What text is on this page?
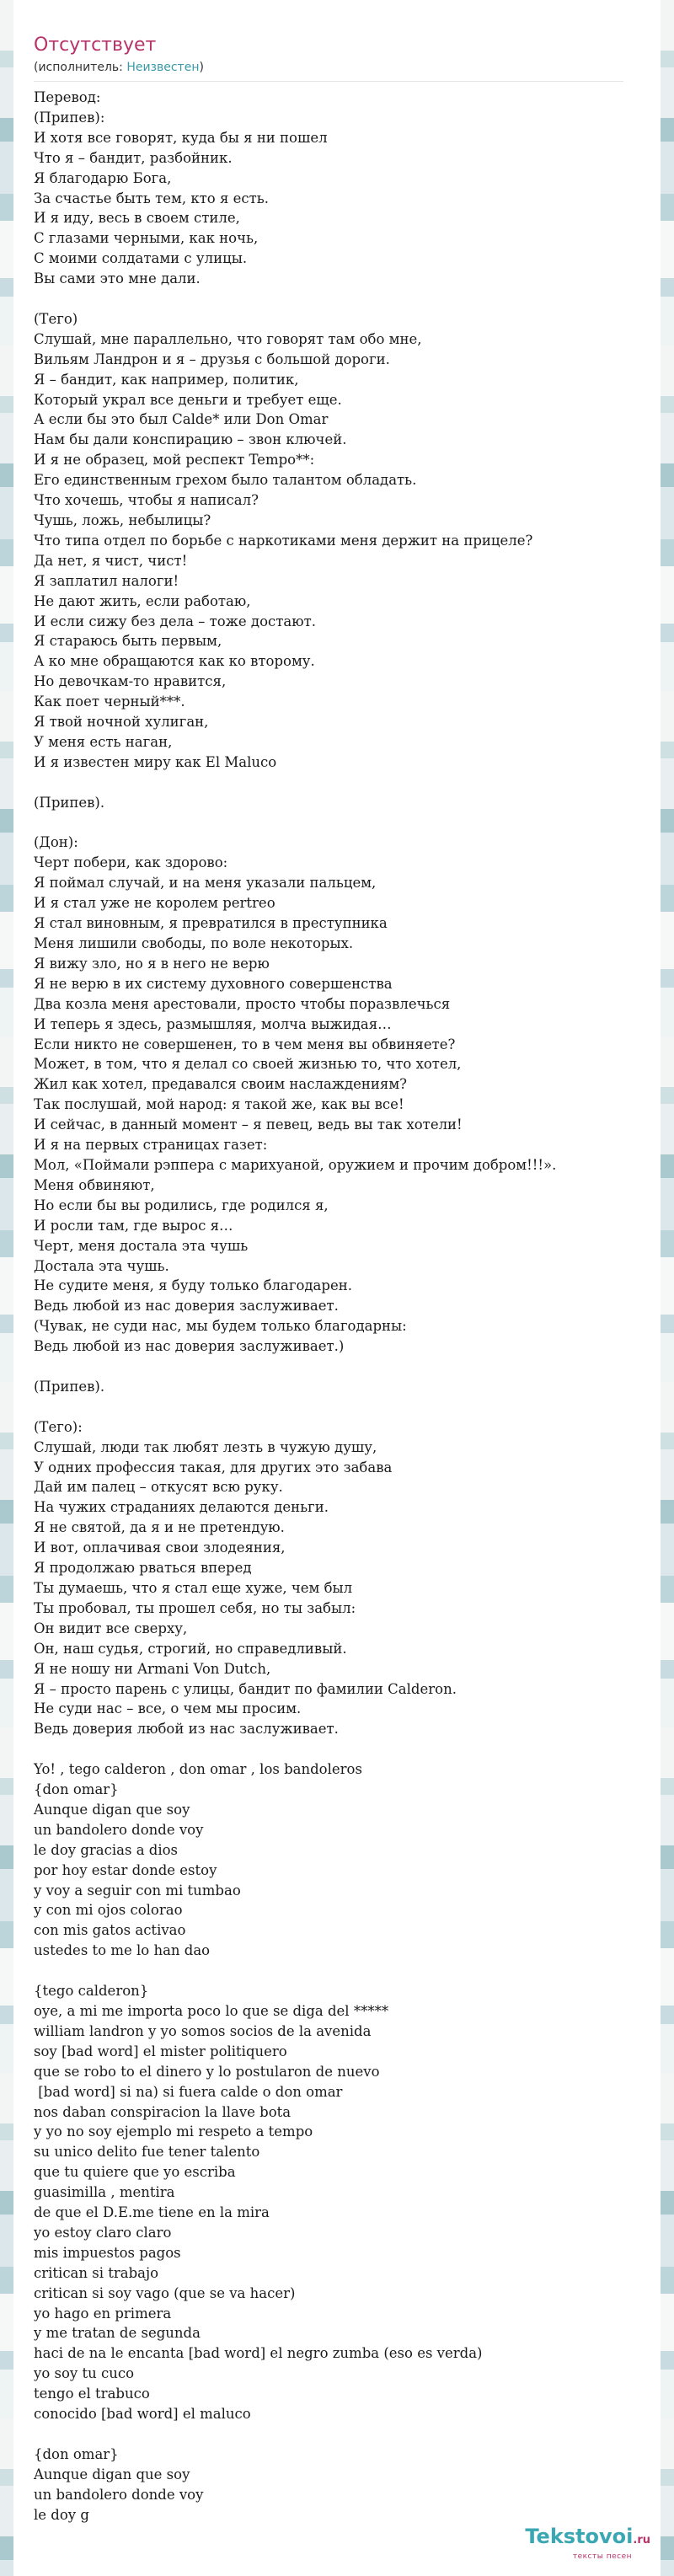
Отсутствует
(исполнитель: Неизвестен)
Перевод:
(Припев):
И хотя все говорят, куда бы я ни пошел
Что я – бандит, разбойник.
Я благодарю Бога,
За счастье быть тем, кто я есть.
И я иду, весь в своем стиле,
С глазами черными, как ночь,
С моими солдатами с улицы.
Вы сами это мне дали.
(Тего)
Слушай, мне параллельно, что говорят там обо мне,
Вильям Ландрон и я – друзья с большой дороги.
Я – бандит, как например, политик,
Который украл все деньги и требует еще.
А если бы это был Calde* или Don Omar
Нам бы дали конспирацию – звон ключей.
И я не образец, мой респект Tempo**:
Его единственным грехом было талантом обладать.
Что хочешь, чтобы я написал?
Чушь, ложь, небылицы?
Что типа отдел по борьбе с наркотиками меня держит на прицеле?
Да нет, я чист, чист!
Я заплатил налоги!
Не дают жить, если работаю,
И если сижу без дела – тоже достают.
Я стараюсь быть первым,
А ко мне обращаются как ко второму.
Но девочкам-то нравится,
Как поет черный***.
Я твой ночной хулиган,
У меня есть наган,
И я известен миру как El Maluco
(Припев).
(Дон):
Черт побери, как здорово:
Я поймал случай, и на меня указали пальцем,
И я стал уже не королем pertreo
Я стал виновным, я превратился в преступника
Меня лишили свободы, по воле некоторых.
Я вижу зло, но я в него не верю
Я не верю в их систему духовного совершенства
Два козла меня арестовали, просто чтобы поразвлечься
И теперь я здесь, размышляя, молча выжидая…
Если никто не совершенен, то в чем меня вы обвиняете?
Может, в том, что я делал со своей жизнью то, что хотел,
Жил как хотел, предавался своим наслаждениям?
Так послушай, мой народ: я такой же, как вы все!
И сейчас, в данный момент – я певец, ведь вы так хотели!
И я на первых страницах газет:
Мол, «Поймали рэппера с марихуаной, оружием и прочим добром!!!».
Меня обвиняют,
Но если бы вы родились, где родился я,
И росли там, где вырос я…
Черт, меня достала эта чушь
Достала эта чушь.
Не судите меня, я буду только благодарен.
Ведь любой из нас доверия заслуживает.
(Чувак, не суди нас, мы будем только благодарны:
Ведь любой из нас доверия заслуживает.)
(Припев).
(Тего):
Слушай, люди так любят лезть в чужую душу,
У одних профессия такая, для других это забава
Дай им палец – откусят всю руку.
На чужих страданиях делаются деньги.
Я не святой, да я и не претендую.
И вот, оплачивая свои злодеяния,
Я продолжаю рваться вперед
Ты думаешь, что я стал еще хуже, чем был
Ты пробовал, ты прошел себя, но ты забыл:
Он видит все сверху,
Он, наш судья, строгий, но справедливый.
Я не ношу ни Armani Von Dutch,
Я – просто парень с улицы, бандит по фамилии Calderon.
Не суди нас – все, о чем мы просим.
Ведь доверия любой из нас заслуживает.
Yo! , tego calderon , don omar , los bandoleros
{don omar}
Aunque digan que soy
un bandolero donde voy
le doy gracias a dios
por hoy estar donde estoy
y voy a seguir con mi tumbao
y con mi ojos colorao
con mis gatos activao
ustedes to me lo han dao
{tego calderon}
oye, a mi me importa poco lo que se diga del *****
william landron y yo somos socios de la avenida
soy [bad word] el mister politiquero
que se robo to el dinero y lo postularon de nuevo
[bad word] si na) si fuera calde o don omar
nos daban conspiracion la llave bota
y yo no soy ejemplo mi respeto a tempo
su unico delito fue tener talento
que tu quiere que yo escriba
guasimilla , mentira
de que el D.E.me tiene en la mira
yo estoy claro claro
mis impuestos pagos
critican si trabajo
critican si soy vago (que se va hacer)
yo hago en primera
y me tratan de segunda
haci de na le encanta [bad word] el negro zumba (eso es verda)
yo soy tu cuco
tengo el trabuco
conocido [bad word] el maluco
{don omar}
Aunque digan que soy
un bandolero donde voy
le doy g
Tekstovoi.ru
тексты песен
